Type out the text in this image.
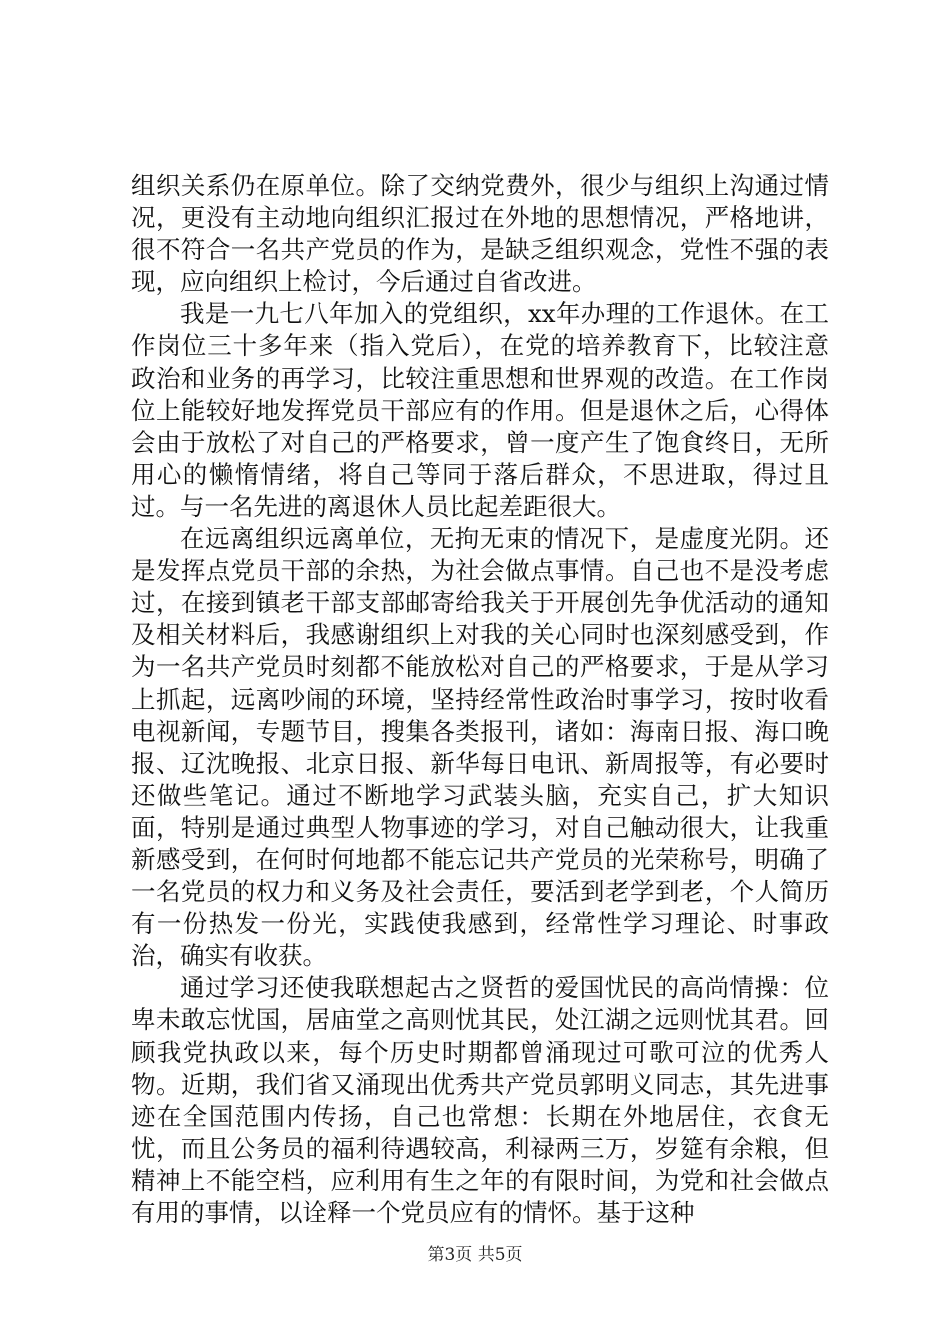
组织关系仍在原单位。除了交纳党费外，很少与组织上沟通过情况，更没有主动地向组织汇报过在外地的思想情况，严格地讲，很不符合一名共产党员的作为，是缺乏组织观念，党性不强的表现，应向组织上检讨，今后通过自省改进。

我是一九七八年加入的党组织，xx年办理的工作退休。在工作岗位三十多年来（指入党后），在党的培养教育下，比较注意政治和业务的再学习，比较注重思想和世界观的改造。在工作岗位上能较好地发挥党员干部应有的作用。但是退休之后，心得体会由于放松了对自己的严格要求，曾一度产生了饱食终日，无所用心的懒惰情绪，将自己等同于落后群众，不思进取，得过且过。与一名先进的离退休人员比起差距很大。

在远离组织远离单位，无拘无束的情况下，是虚度光阴。还是发挥点党员干部的余热，为社会做点事情。自己也不是没考虑过，在接到镇老干部支部邮寄给我关于开展创先争优活动的通知及相关材料后，我感谢组织上对我的关心同时也深刻感受到，作为一名共产党员时刻都不能放松对自己的严格要求，于是从学习上抓起，远离吵闹的环境，坚持经常性政治时事学习，按时收看电视新闻，专题节目，搜集各类报刊，诸如：海南日报、海口晚报、辽沈晚报、北京日报、新华每日电讯、新周报等，有必要时还做些笔记。通过不断地学习武装头脑，充实自己，扩大知识面，特别是通过典型人物事迹的学习，对自己触动很大，让我重新感受到，在何时何地都不能忘记共产党员的光荣称号，明确了一名党员的权力和义务及社会责任，要活到老学到老，个人简历有一份热发一份光，实践使我感到，经常性学习理论、时事政治，确实有收获。

通过学习还使我联想起古之贤哲的爱国忧民的高尚情操：位卑未敢忘忧国，居庙堂之高则忧其民，处江湖之远则忧其君。回顾我党执政以来，每个历史时期都曾涌现过可歌可泣的优秀人物。近期，我们省又涌现出优秀共产党员郭明义同志，其先进事迹在全国范围内传扬，自己也常想：长期在外地居住，衣食无忧，而且公务员的福利待遇较高，利禄两三万，岁筵有余粮，但精神上不能空档，应利用有生之年的有限时间，为党和社会做点有用的事情，以诠释一个党员应有的情怀。基于这种

第3页 共5页
